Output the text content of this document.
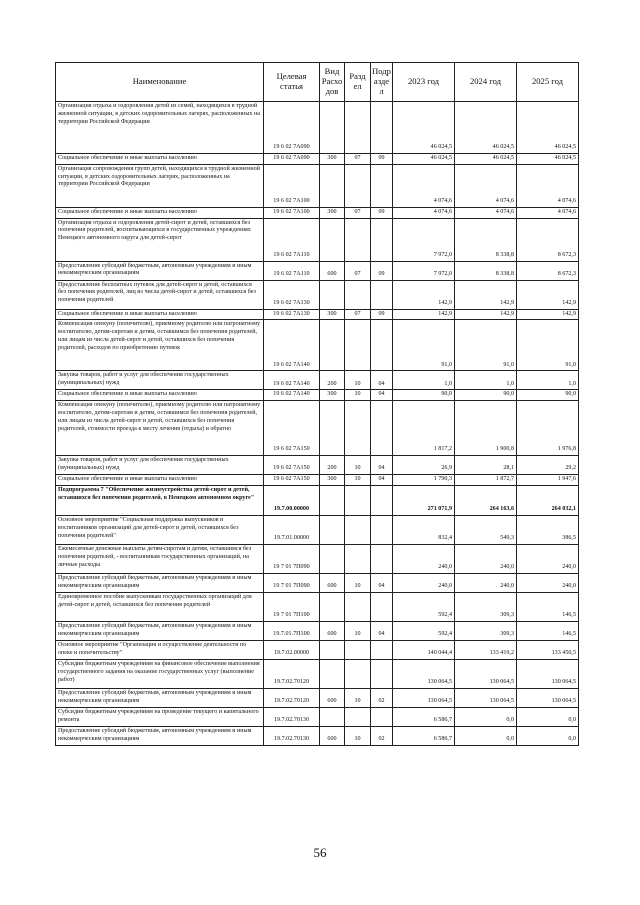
Наименование	Целевая статья	Вид Расхо дов	Разд ел	Подр азде л	2023 год	2024 год	2025 год
Организация отдыха и оздоровления детей из семей, находящихся в трудной жизненной ситуации, в детских оздоровительных лагерях, расположенных на территории Российской Федерации	19 6 02 7А090				46 024,5	46 024,5	46 024,5
Социальное обеспечение и иные выплаты населению	19 6 02 7А090	300	07	09	46 024,5	46 024,5	46 024,5
Организация сопровождения групп детей, находящихся в трудной жизненной ситуации, в детских оздоровительных лагерях, расположенных на территории Российской Федерации	19 6 02 7А100				4 074,6	4 074,6	4 074,6
Социальное обеспечение и иные выплаты населению	19 6 02 7А100	300	07	09	4 074,6	4 074,6	4 074,6
Организация отдыха и оздоровления детей-сирот и детей, оставшихся без попечения родителей, воспитывающихся в государственных учреждениях Ненецкого автономного округа для детей-сирот	19 6 02 7А110				7 972,0	8 338,8	8 672,3
Предоставление субсидий бюджетным, автономным учреждениям и иным некоммерческим организациям	19 6 02 7А110	600	07	09	7 972,0	8 338,8	8 672,3
Предоставление бесплатных путевок для детей-сирот и детей, оставшихся без попечения родителей, лиц из числа детей-сирот и детей, оставшихся без попечения родителей	19 6 02 7А130				142,9	142,9	142,9
Социальное обеспечение и иные выплаты населению	19 6 02 7А130	300	07	09	142,9	142,9	142,9
Компенсация опекуну (попечителю), приемному родителю или патронатному воспитателю, детям-сиротам и детям, оставшимся без попечения родителей, или лицам из числа детей-сирот и детей, оставшихся без попечения родителей, расходов по приобретению путевок	19 6 02 7А140				91,0	91,0	91,0
Закупка товаров, работ и услуг для обеспечения государственных (муниципальных) нужд	19 6 02 7А140	200	10	04	1,0	1,0	1,0
Социальное обеспечение и иные выплаты населению	19 6 02 7А140	300	10	04	90,0	90,0	90,0
Компенсация опекуну (попечителю), приемному родителю или патронатному воспитателю, детям-сиротам и детям, оставшимся без попечения родителей, или лицам из числа детей-сирот и детей, оставшихся без попечения родителей, стоимости проезда к месту лечения (отдыха) и обратно	19 6 02 7А150				1 817,2	1 900,8	1 976,8
Закупка товаров, работ и услуг для обеспечения государственных (муниципальных) нужд	19 6 02 7А150	200	10	04	26,9	28,1	29,2
Социальное обеспечение и иные выплаты населению	19 6 02 7А150	300	10	04	1 790,3	1 872,7	1 947,6
Подпрограмма 7 "Обеспечение жизнеустройства детей-сирот и детей, оставшихся без попечения родителей, в Ненецком автономном округе"	19.7.00.00000				271 071,9	264 163,6	264 032,1
Основное мероприятие "Социальная поддержка выпускников и воспитанников организаций для детей-сирот и детей, оставшихся без попечения родителей"	19.7.01.00000				832,4	549,3	386,5
Ежемесячные денежные выплаты детям-сиротам и детям, оставшимся без попечения родителей, - воспитанникам государственных организаций, на личные расходы	19 7 01 7П090				240,0	240,0	240,0
Предоставление субсидий бюджетным, автономным учреждениям и иным некоммерческим организациям	19 7 01 7П090	600	10	04	240,0	240,0	240,0
Единовременное пособие выпускникам государственных организаций для детей-сирот и детей, оставшихся без попечения родителей	19 7 01 7П100				592,4	309,3	146,5
Предоставление субсидий бюджетным, автономным учреждениям и иным некоммерческим организациям	19.7.01.7П100	600	10	04	592,4	309,3	146,5
Основное мероприятие "Организация и осуществление деятельности по опеке и попечительству"	19.7.02.00000				140 044,4	133 419,2	133 450,5
Субсидии бюджетным учреждениям на финансовое обеспечение выполнения государственного задания на оказание государственных услуг (выполнение работ)	19.7.02.70120				130 064,5	130 064,5	130 064,5
Предоставление субсидий бюджетным, автономным учреждениям и иным некоммерческим организациям	19.7.02.70120	600	10	02	130 064,5	130 064,5	130 064,5
Субсидии бюджетным учреждениям на проведение текущего и капитального ремонта	19.7.02.70130				6 586,7	0,0	0,0
Предоставление субсидий бюджетным, автономным учреждениям и иным некоммерческим организациям	19.7.02.70130	600	10	02	6 586,7	0,0	0,0
56
